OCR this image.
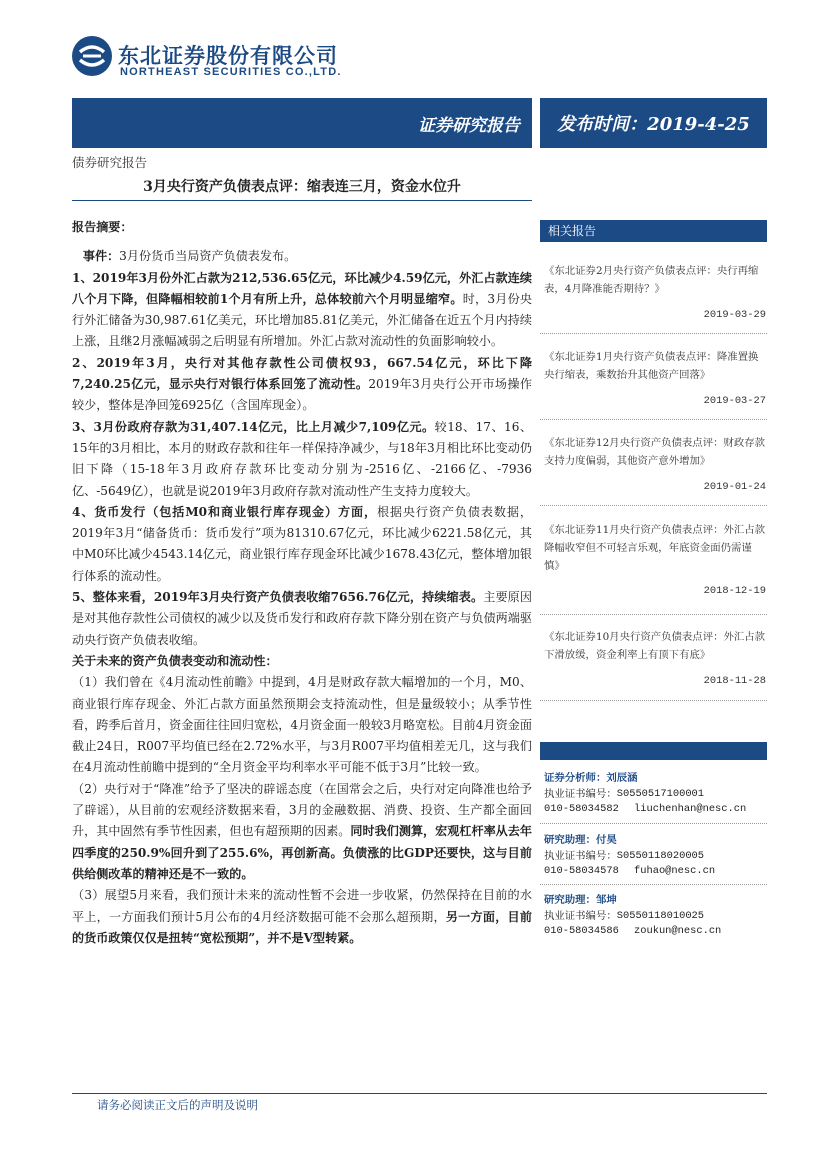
东北证券股份有限公司
NORTHEAST SECURITIES CO.,LTD.
证券研究报告	发布时间：2019-4-25
债券研究报告
3月央行资产负债表点评：缩表连三月，资金水位升

报告摘要：

事件：3月份货币当局资产负债表发布。

1、2019年3月份外汇占款为212,536.65亿元，环比减少4.59亿元，外汇占款连续八个月下降，但降幅相较前1个月有所上升，总体较前六个月明显缩窄。时，3月份央行外汇储备为30,987.61亿美元，环比增加85.81亿美元，外汇储备在近五个月内持续上涨，且继2月涨幅减弱之后明显有所增加。外汇占款对流动性的负面影响较小。

2、2019年3月，央行对其他存款性公司债权93，667.54亿元，环比下降7,240.25亿元，显示央行对银行体系回笼了流动性。2019年3月央行公开市场操作较少，整体是净回笼6925亿（含国库现金）。

3、3月份政府存款为31,407.14亿元，比上月减少7,109亿元。较18、17、16、15年的3月相比，本月的财政存款和往年一样保持净减少，与18年3月相比环比变动仍旧下降（15-18年3月政府存款环比变动分别为-2516亿、-2166亿、-7936亿、-5649亿），也就是说2019年3月政府存款对流动性产生支持力度较大。

4、货币发行（包括M0和商业银行库存现金）方面，根据央行资产负债表数据，2019年3月“储备货币：货币发行”项为81310.67亿元，环比减少6221.58亿元，其中M0环比减少4543.14亿元，商业银行库存现金环比减少1678.43亿元，整体增加银行体系的流动性。

5、整体来看，2019年3月央行资产负债表收缩7656.76亿元，持续缩表。主要原因是对其他存款性公司债权的减少以及货币发行和政府存款下降分别在资产与负债两端驱动央行资产负债表收缩。

关于未来的资产负债表变动和流动性：

（1）我们曾在《4月流动性前瞻》中提到，4月是财政存款大幅增加的一个月，M0、商业银行库存现金、外汇占款方面虽然预期会支持流动性，但是量级较小；从季节性看，跨季后首月，资金面往往回归宽松，4月资金面一般较3月略宽松。目前4月资金面截止24日，R007平均值已经在2.72%水平，与3月R007平均值相差无几，这与我们在4月流动性前瞻中提到的“全月资金平均利率水平可能不低于3月”比较一致。

（2）央行对于“降准”给予了坚决的辟谣态度（在国常会之后，央行对定向降准也给予了辟谣），从目前的宏观经济数据来看，3月的金融数据、消费、投资、生产都全面回升，其中固然有季节性因素，但也有超预期的因素。同时我们测算，宏观杠杆率从去年四季度的250.9%回升到了255.6%，再创新高。负债涨的比GDP还要快，这与目前供给侧改革的精神还是不一致的。

（3）展望5月来看，我们预计未来的流动性暂不会进一步收紧，仍然保持在目前的水平上，一方面我们预计5月公布的4月经济数据可能不会那么超预期，另一方面，目前的货币政策仅仅是扭转“宽松预期”，并不是V型转紧。

相关报告
《东北证券2月央行资产负债表点评：央行再缩表，4月降准能否期待？》
2019-03-29
《东北证券1月央行资产负债表点评：降准置换央行缩表，乘数抬升其他资产回落》
2019-03-27
《东北证券12月央行资产负债表点评：财政存款支持力度偏弱，其他资产意外增加》
2019-01-24
《东北证券11月央行资产负债表点评：外汇占款降幅收窄但不可轻言乐观，年底资金面仍需谨慎》
2018-12-19
《东北证券10月央行资产负债表点评：外汇占款下滑放缓，资金利率上有顶下有底》
2018-11-28
证券分析师：刘辰涵
执业证书编号： S0550517100001
010-58034582	liuchenhan@nesc.cn
研究助理：付昊
执业证书编号： S0550118020005
010-58034578	fuhao@nesc.cn
研究助理：邹坤
执业证书编号： S0550118010025
010-58034586	zoukun@nesc.cn
请务必阅读正文后的声明及说明
